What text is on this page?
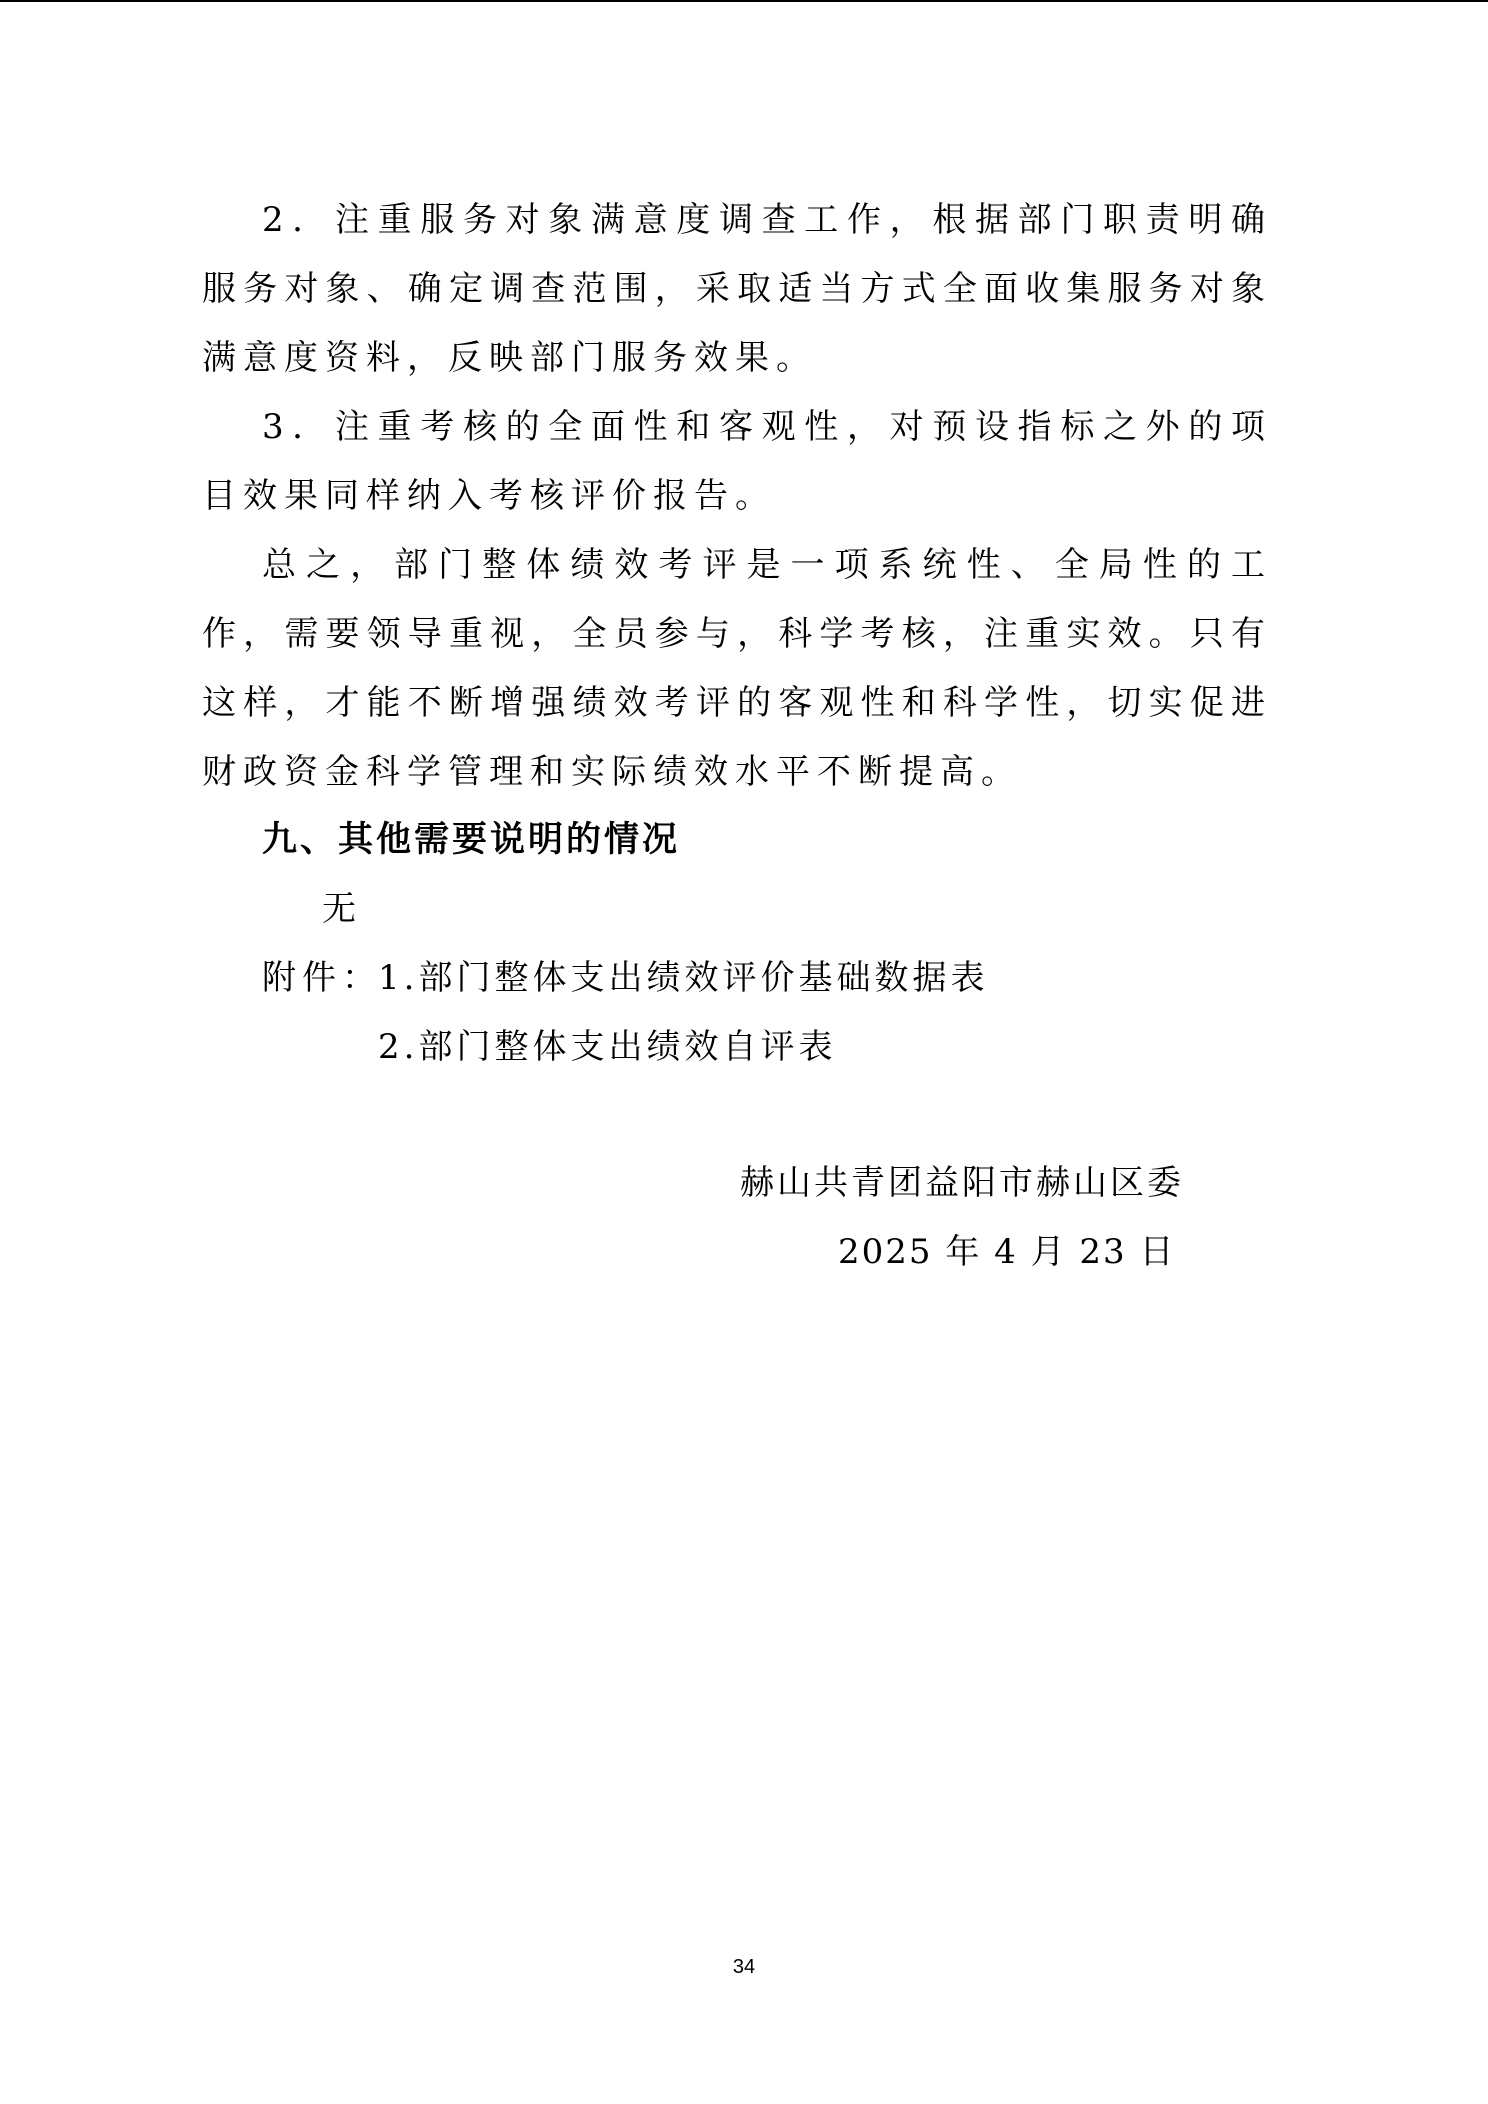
2．注重服务对象满意度调查工作，根据部门职责明确服务对象、确定调查范围，采取适当方式全面收集服务对象满意度资料，反映部门服务效果。

3．注重考核的全面性和客观性，对预设指标之外的项目效果同样纳入考核评价报告。

总之，部门整体绩效考评是一项系统性、全局性的工作，需要领导重视，全员参与，科学考核，注重实效。只有这样，才能不断增强绩效考评的客观性和科学性，切实促进财政资金科学管理和实际绩效水平不断提高。

九、其他需要说明的情况

无

附件：

1.部门整体支出绩效评价基础数据表

2.部门整体支出绩效自评表

赫山共青团益阳市赫山区委

2025 年 4 月 23 日

34
